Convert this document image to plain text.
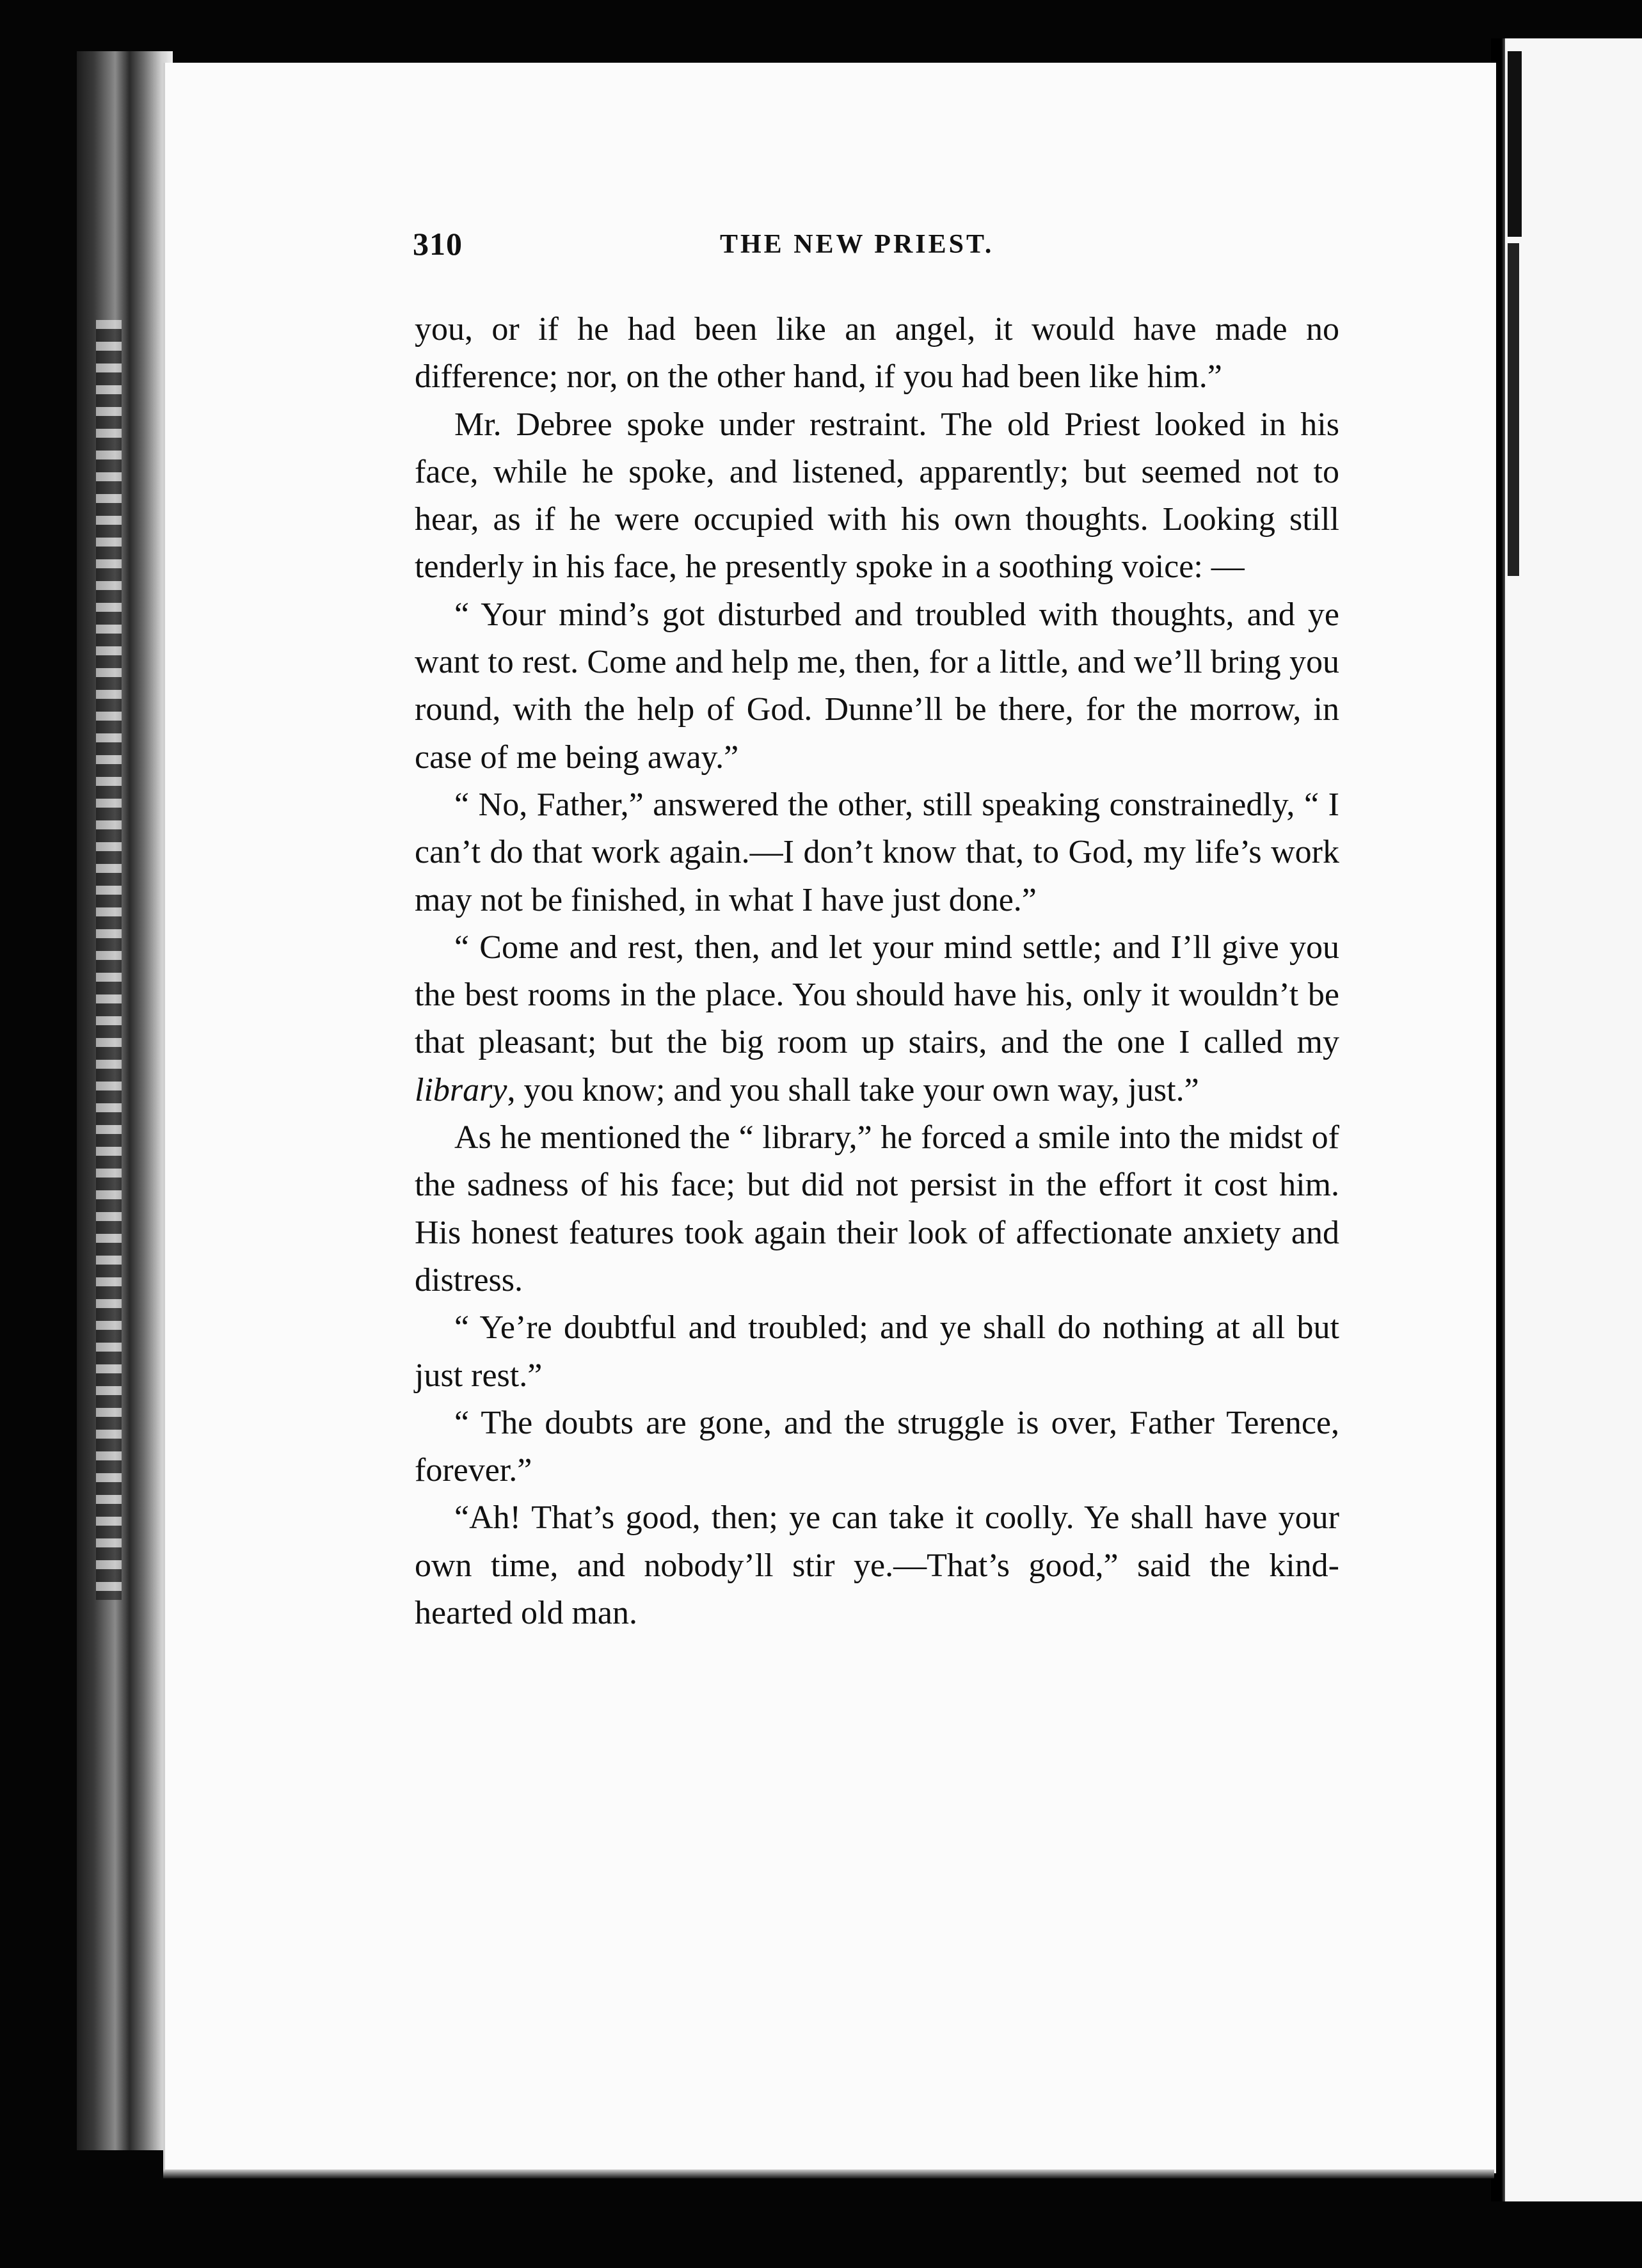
310	THE NEW PRIEST.

you, or if he had been like an angel, it would have made no difference; nor, on the other hand, if you had been like him.”

Mr. Debree spoke under restraint. The old Priest looked in his face, while he spoke, and listened, apparently; but seemed not to hear, as if he were occupied with his own thoughts. Looking still tenderly in his face, he presently spoke in a soothing voice: —

“ Your mind’s got disturbed and troubled with thoughts, and ye want to rest. Come and help me, then, for a little, and we’ll bring you round, with the help of God. Dunne’ll be there, for the morrow, in case of me being away.”

“ No, Father,” answered the other, still speaking constrainedly, “ I can’t do that work again.—I don’t know that, to God, my life’s work may not be finished, in what I have just done.”

“ Come and rest, then, and let your mind settle; and I’ll give you the best rooms in the place. You should have his, only it wouldn’t be that pleasant; but the big room up stairs, and the one I called my library, you know; and you shall take your own way, just.”

As he mentioned the “ library,” he forced a smile into the midst of the sadness of his face; but did not persist in the effort it cost him. His honest features took again their look of affectionate anxiety and distress.

“ Ye’re doubtful and troubled; and ye shall do nothing at all but just rest.”

“ The doubts are gone, and the struggle is over, Father Terence, forever.”

“Ah! That’s good, then; ye can take it coolly. Ye shall have your own time, and nobody’ll stir ye.—That’s good,” said the kind-hearted old man.
